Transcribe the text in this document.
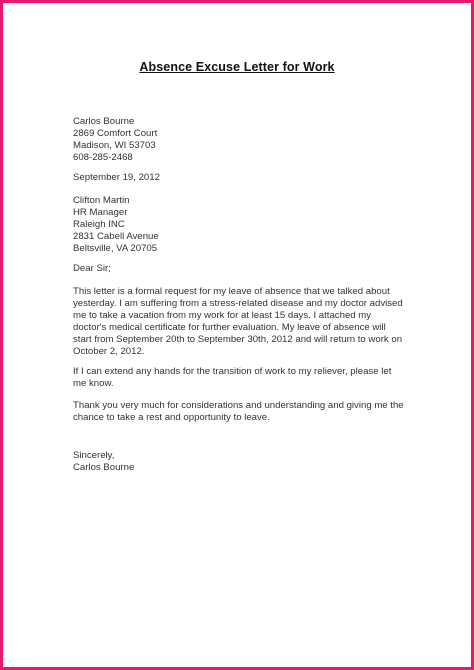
Absence Excuse Letter for Work
Carlos Bourne
2869 Comfort Court
Madison, WI 53703
608-285-2468
September 19, 2012
Clifton Martin
HR Manager
Raleigh INC
2831 Cabell Avenue
Beltsville, VA 20705
Dear Sir;
This letter is a formal request for my leave of absence that we talked about
yesterday. I am suffering from a stress-related disease and my doctor advised
me to take a vacation from my work for at least 15 days. I attached my
doctor's medical certificate for further evaluation. My leave of absence will
start from September 20th to September 30th, 2012 and will return to work on
October 2, 2012.
If I can extend any hands for the transition of work to my reliever, please let
me know.
Thank you very much for considerations and understanding and giving me the
chance to take a rest and opportunity to leave.
Sincerely,
Carlos Bourne
